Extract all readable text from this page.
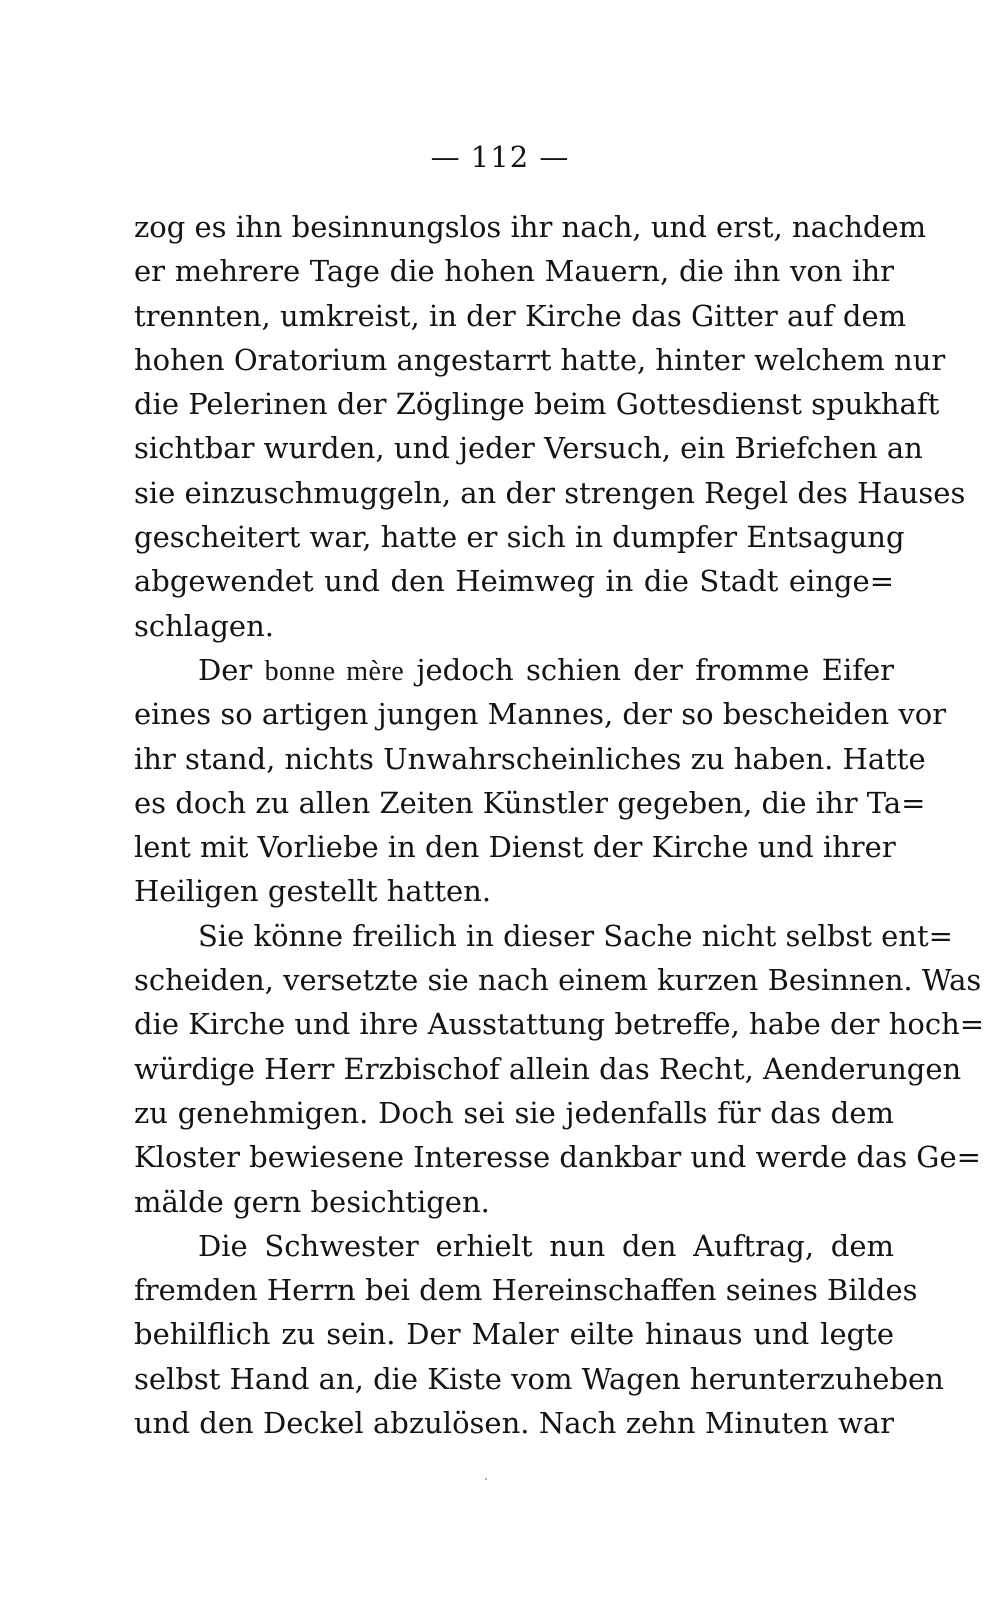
— 112 —
zog es ihn besinnungslos ihr nach, und erst, nachdem
er mehrere Tage die hohen Mauern, die ihn von ihr
trennten, umkreist, in der Kirche das Gitter auf dem
hohen Oratorium angestarrt hatte, hinter welchem nur
die Pelerinen der Zöglinge beim Gottesdienst spukhaft
sichtbar wurden, und jeder Versuch, ein Briefchen an
sie einzuschmuggeln, an der strengen Regel des Hauses
gescheitert war, hatte er sich in dumpfer Entsagung
abgewendet und den Heimweg in die Stadt einge=
schlagen.
Der bonne mère jedoch schien der fromme Eifer
eines so artigen jungen Mannes, der so bescheiden vor
ihr stand, nichts Unwahrscheinliches zu haben. Hatte
es doch zu allen Zeiten Künstler gegeben, die ihr Ta=
lent mit Vorliebe in den Dienst der Kirche und ihrer
Heiligen gestellt hatten.
Sie könne freilich in dieser Sache nicht selbst ent=
scheiden, versetzte sie nach einem kurzen Besinnen. Was
die Kirche und ihre Ausstattung betreffe, habe der hoch=
würdige Herr Erzbischof allein das Recht, Aenderungen
zu genehmigen. Doch sei sie jedenfalls für das dem
Kloster bewiesene Interesse dankbar und werde das Ge=
mälde gern besichtigen.
Die Schwester erhielt nun den Auftrag, dem
fremden Herrn bei dem Hereinschaffen seines Bildes
behilflich zu sein. Der Maler eilte hinaus und legte
selbst Hand an, die Kiste vom Wagen herunterzuheben
und den Deckel abzulösen. Nach zehn Minuten war
